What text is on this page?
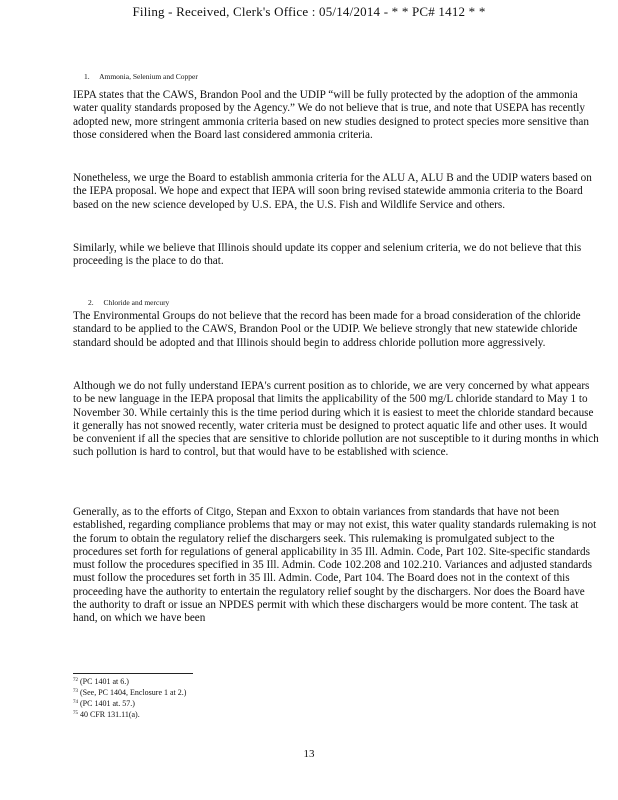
Filing - Received, Clerk's Office : 05/14/2014 - * * PC# 1412 * *
1. Ammonia, Selenium and Copper

IEPA states that the CAWS, Brandon Pool and the UDIP “will be fully protected by the adoption of the ammonia water quality standards proposed by the Agency.” We do not believe that is true, and note that USEPA has recently adopted new, more stringent ammonia criteria based on new studies designed to protect species more sensitive than those considered when the Board last considered ammonia criteria.

Nonetheless, we urge the Board to establish ammonia criteria for the ALU A, ALU B and the UDIP waters based on the IEPA proposal. We hope and expect that IEPA will soon bring revised statewide ammonia criteria to the Board based on the new science developed by U.S. EPA, the U.S. Fish and Wildlife Service and others.

Similarly, while we believe that Illinois should update its copper and selenium criteria, we do not believe that this proceeding is the place to do that.

2. Chloride and mercury

The Environmental Groups do not believe that the record has been made for a broad consideration of the chloride standard to be applied to the CAWS, Brandon Pool or the UDIP. We believe strongly that new statewide chloride standard should be adopted and that Illinois should begin to address chloride pollution more aggressively.

Although we do not fully understand IEPA's current position as to chloride, we are very concerned by what appears to be new language in the IEPA proposal that limits the applicability of the 500 mg/L chloride standard to May 1 to November 30. While certainly this is the time period during which it is easiest to meet the chloride standard because it generally has not snowed recently, water criteria must be designed to protect aquatic life and other uses. It would be convenient if all the species that are sensitive to chloride pollution are not susceptible to it during months in which such pollution is hard to control, but that would have to be established with science.

Generally, as to the efforts of Citgo, Stepan and Exxon to obtain variances from standards that have not been established, regarding compliance problems that may or may not exist, this water quality standards rulemaking is not the forum to obtain the regulatory relief the dischargers seek. This rulemaking is promulgated subject to the procedures set forth for regulations of general applicability in 35 Ill. Admin. Code, Part 102. Site-specific standards must follow the procedures specified in 35 Ill. Admin. Code 102.208 and 102.210. Variances and adjusted standards must follow the procedures set forth in 35 Ill. Admin. Code, Part 104. The Board does not in the context of this proceeding have the authority to entertain the regulatory relief sought by the dischargers. Nor does the Board have the authority to draft or issue an NPDES permit with which these dischargers would be more content. The task at hand, on which we have been

$^{72}$ (PC 1401 at 6.)
$^{73}$ (See, PC 1404, Enclosure 1 at 2.)
$^{74}$ (PC 1401 at. 57.)
$^{75}$ 40 CFR 131.11(a).
13
